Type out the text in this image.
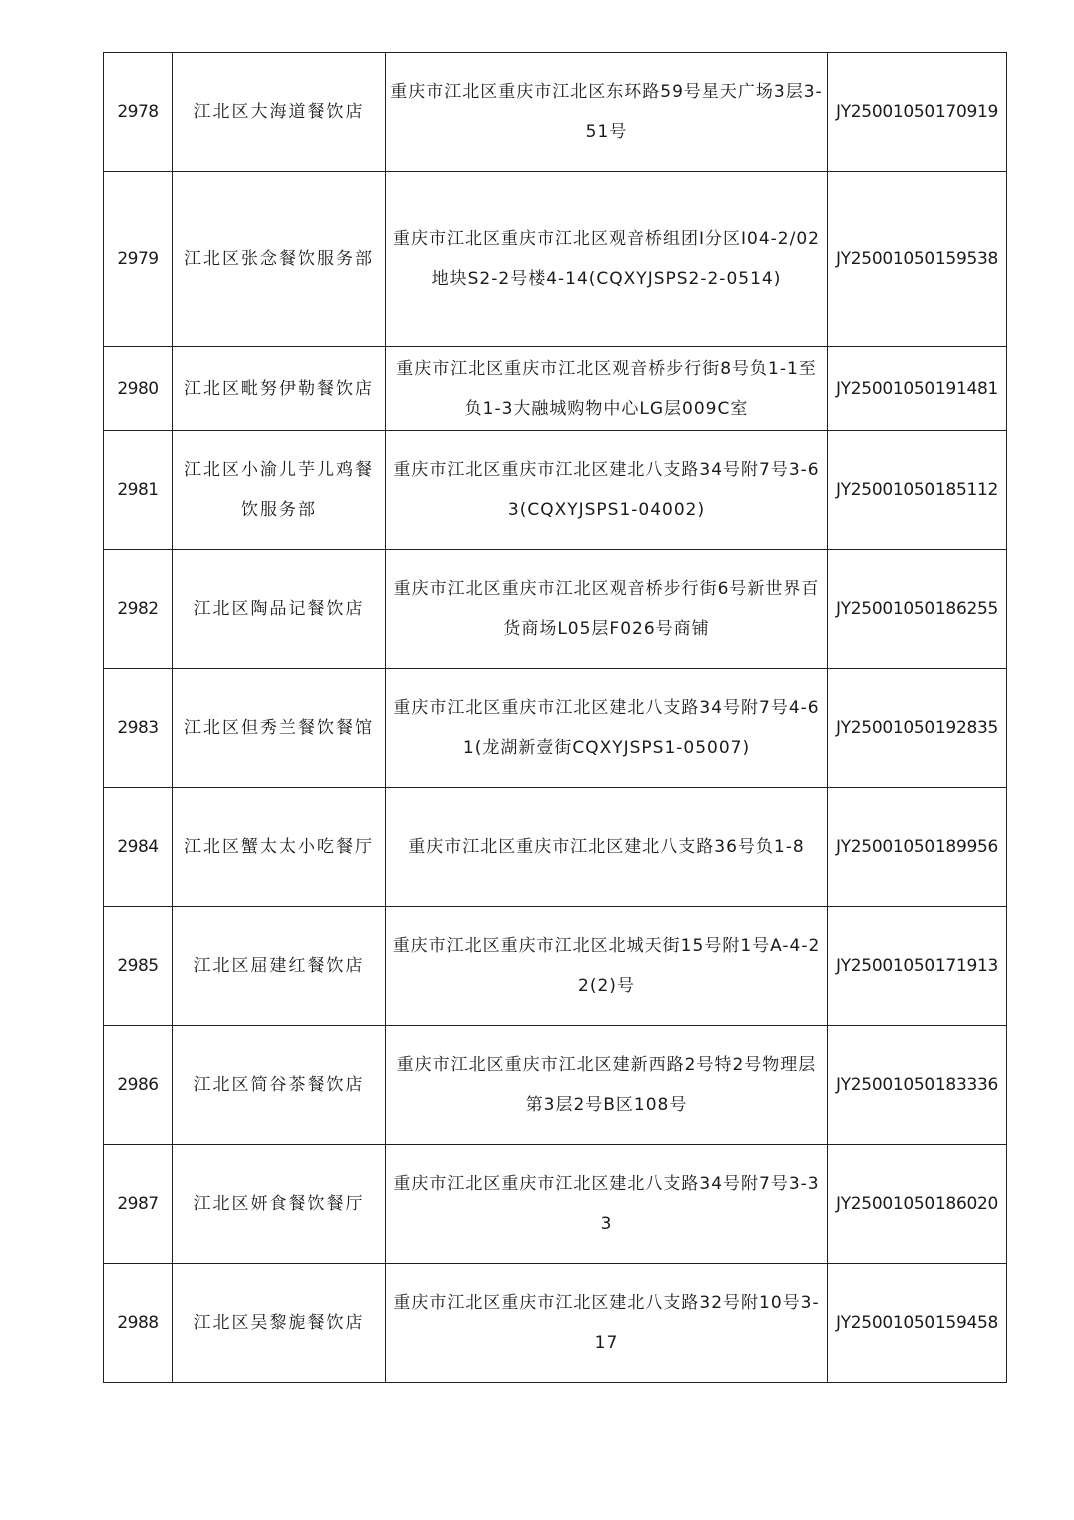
2978	江北区大海道餐饮店	重庆市江北区重庆市江北区东环路59号星天广场3层3-51号	JY25001050170919
2979	江北区张念餐饮服务部	重庆市江北区重庆市江北区观音桥组团Ⅰ分区I04-2/02地块S2-2号楼4-14(CQXYJSPS2-2-0514)	JY25001050159538
2980	江北区毗努伊勒餐饮店	重庆市江北区重庆市江北区观音桥步行街8号负1-1至负1-3大融城购物中心LG层009C室	JY25001050191481
2981	江北区小渝儿芋儿鸡餐饮服务部	重庆市江北区重庆市江北区建北八支路34号附7号3-63(CQXYJSPS1-04002)	JY25001050185112
2982	江北区陶品记餐饮店	重庆市江北区重庆市江北区观音桥步行街6号新世界百货商场L05层F026号商铺	JY25001050186255
2983	江北区但秀兰餐饮餐馆	重庆市江北区重庆市江北区建北八支路34号附7号4-61(龙湖新壹街CQXYJSPS1-05007)	JY25001050192835
2984	江北区蟹太太小吃餐厅	重庆市江北区重庆市江北区建北八支路36号负1-8	JY25001050189956
2985	江北区屈建红餐饮店	重庆市江北区重庆市江北区北城天街15号附1号A-4-22(2)号	JY25001050171913
2986	江北区简谷茶餐饮店	重庆市江北区重庆市江北区建新西路2号特2号物理层第3层2号B区108号	JY25001050183336
2987	江北区妍食餐饮餐厅	重庆市江北区重庆市江北区建北八支路34号附7号3-33	JY25001050186020
2988	江北区吴黎旎餐饮店	重庆市江北区重庆市江北区建北八支路32号附10号3-17	JY25001050159458
